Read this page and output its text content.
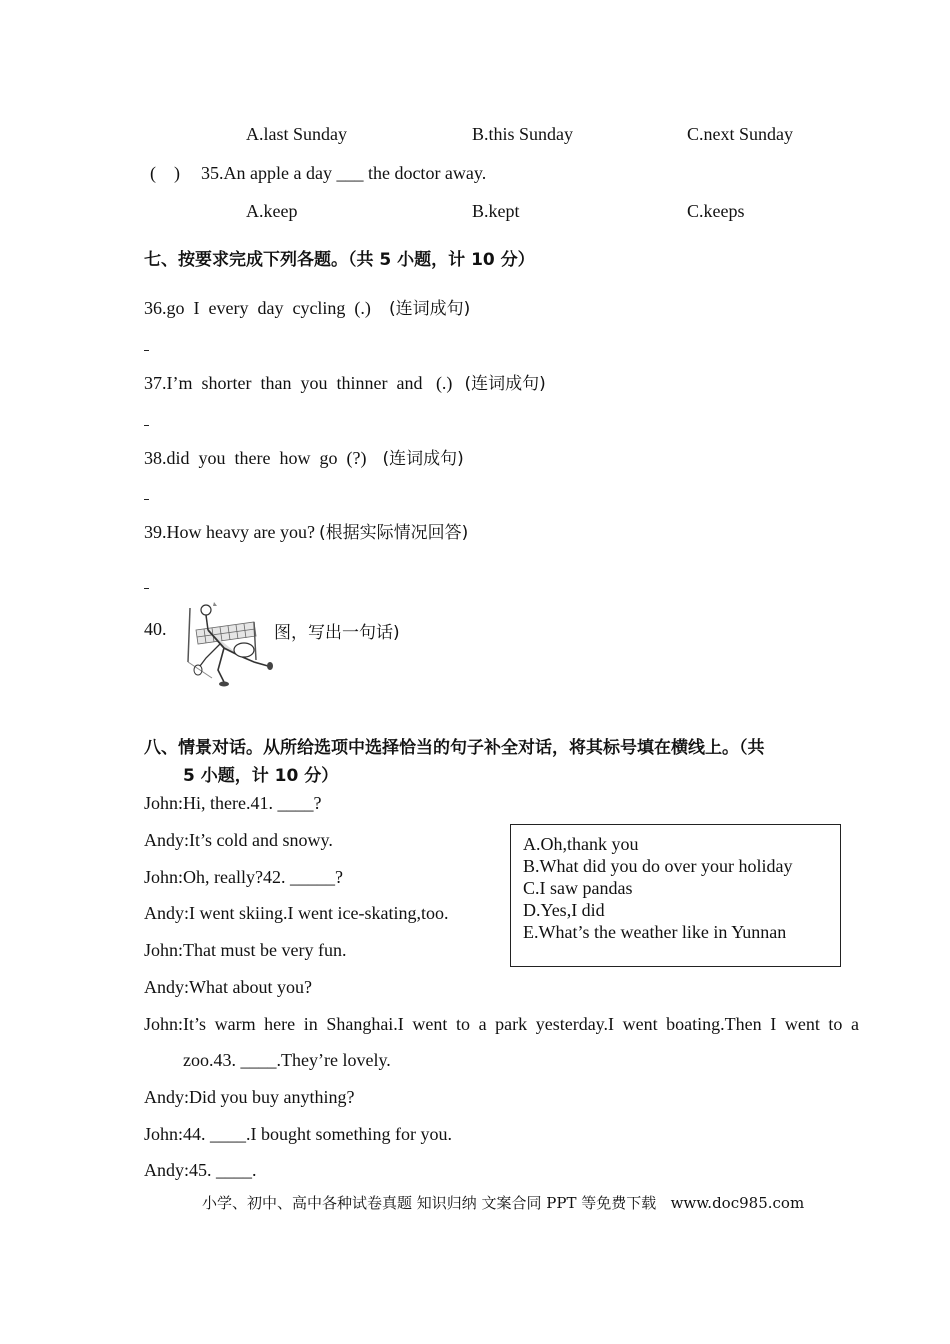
A.last Sunday	B.this Sunday	C.next Sunday
(    ) 35.An apple a day ___ the doctor away.
A.keep	B.kept	C.keeps
七、按要求完成下列各题。（共 5 小题，计 10 分）
36.go  I  every  day  cycling  (.) (连词成句)
37.I’m  shorter  than  you  thinner  and   (.) (连词成句)
38.did  you  there  how  go  (?) (连词成句)
39.How heavy are you? (根据实际情况回答)
40.	图，写出一句话)
八、情景对话。从所给选项中选择恰当的句子补全对话，将其标号填在横线上。（共
5 小题，计 10 分）
John:Hi, there.41. ____?
Andy:It’s cold and snowy.
John:Oh, really?42. _____?
Andy:I went skiing.I went ice-skating,too.
John:That must be very fun.
Andy:What about you?
John:It’s warm here in Shanghai.I went to a park yesterday.I went boating.Then I went to a
zoo.43. ____.They’re lovely.
Andy:Did you buy anything?
John:44. ____.I bought something for you.
Andy:45. ____.
A.Oh,thank you
B.What did you do over your holiday
C.I saw pandas
D.Yes,I did
E.What’s the weather like in Yunnan
小学、初中、高中各种试卷真题 知识归纳 文案合同 PPT 等免费下载   www.doc985.com
